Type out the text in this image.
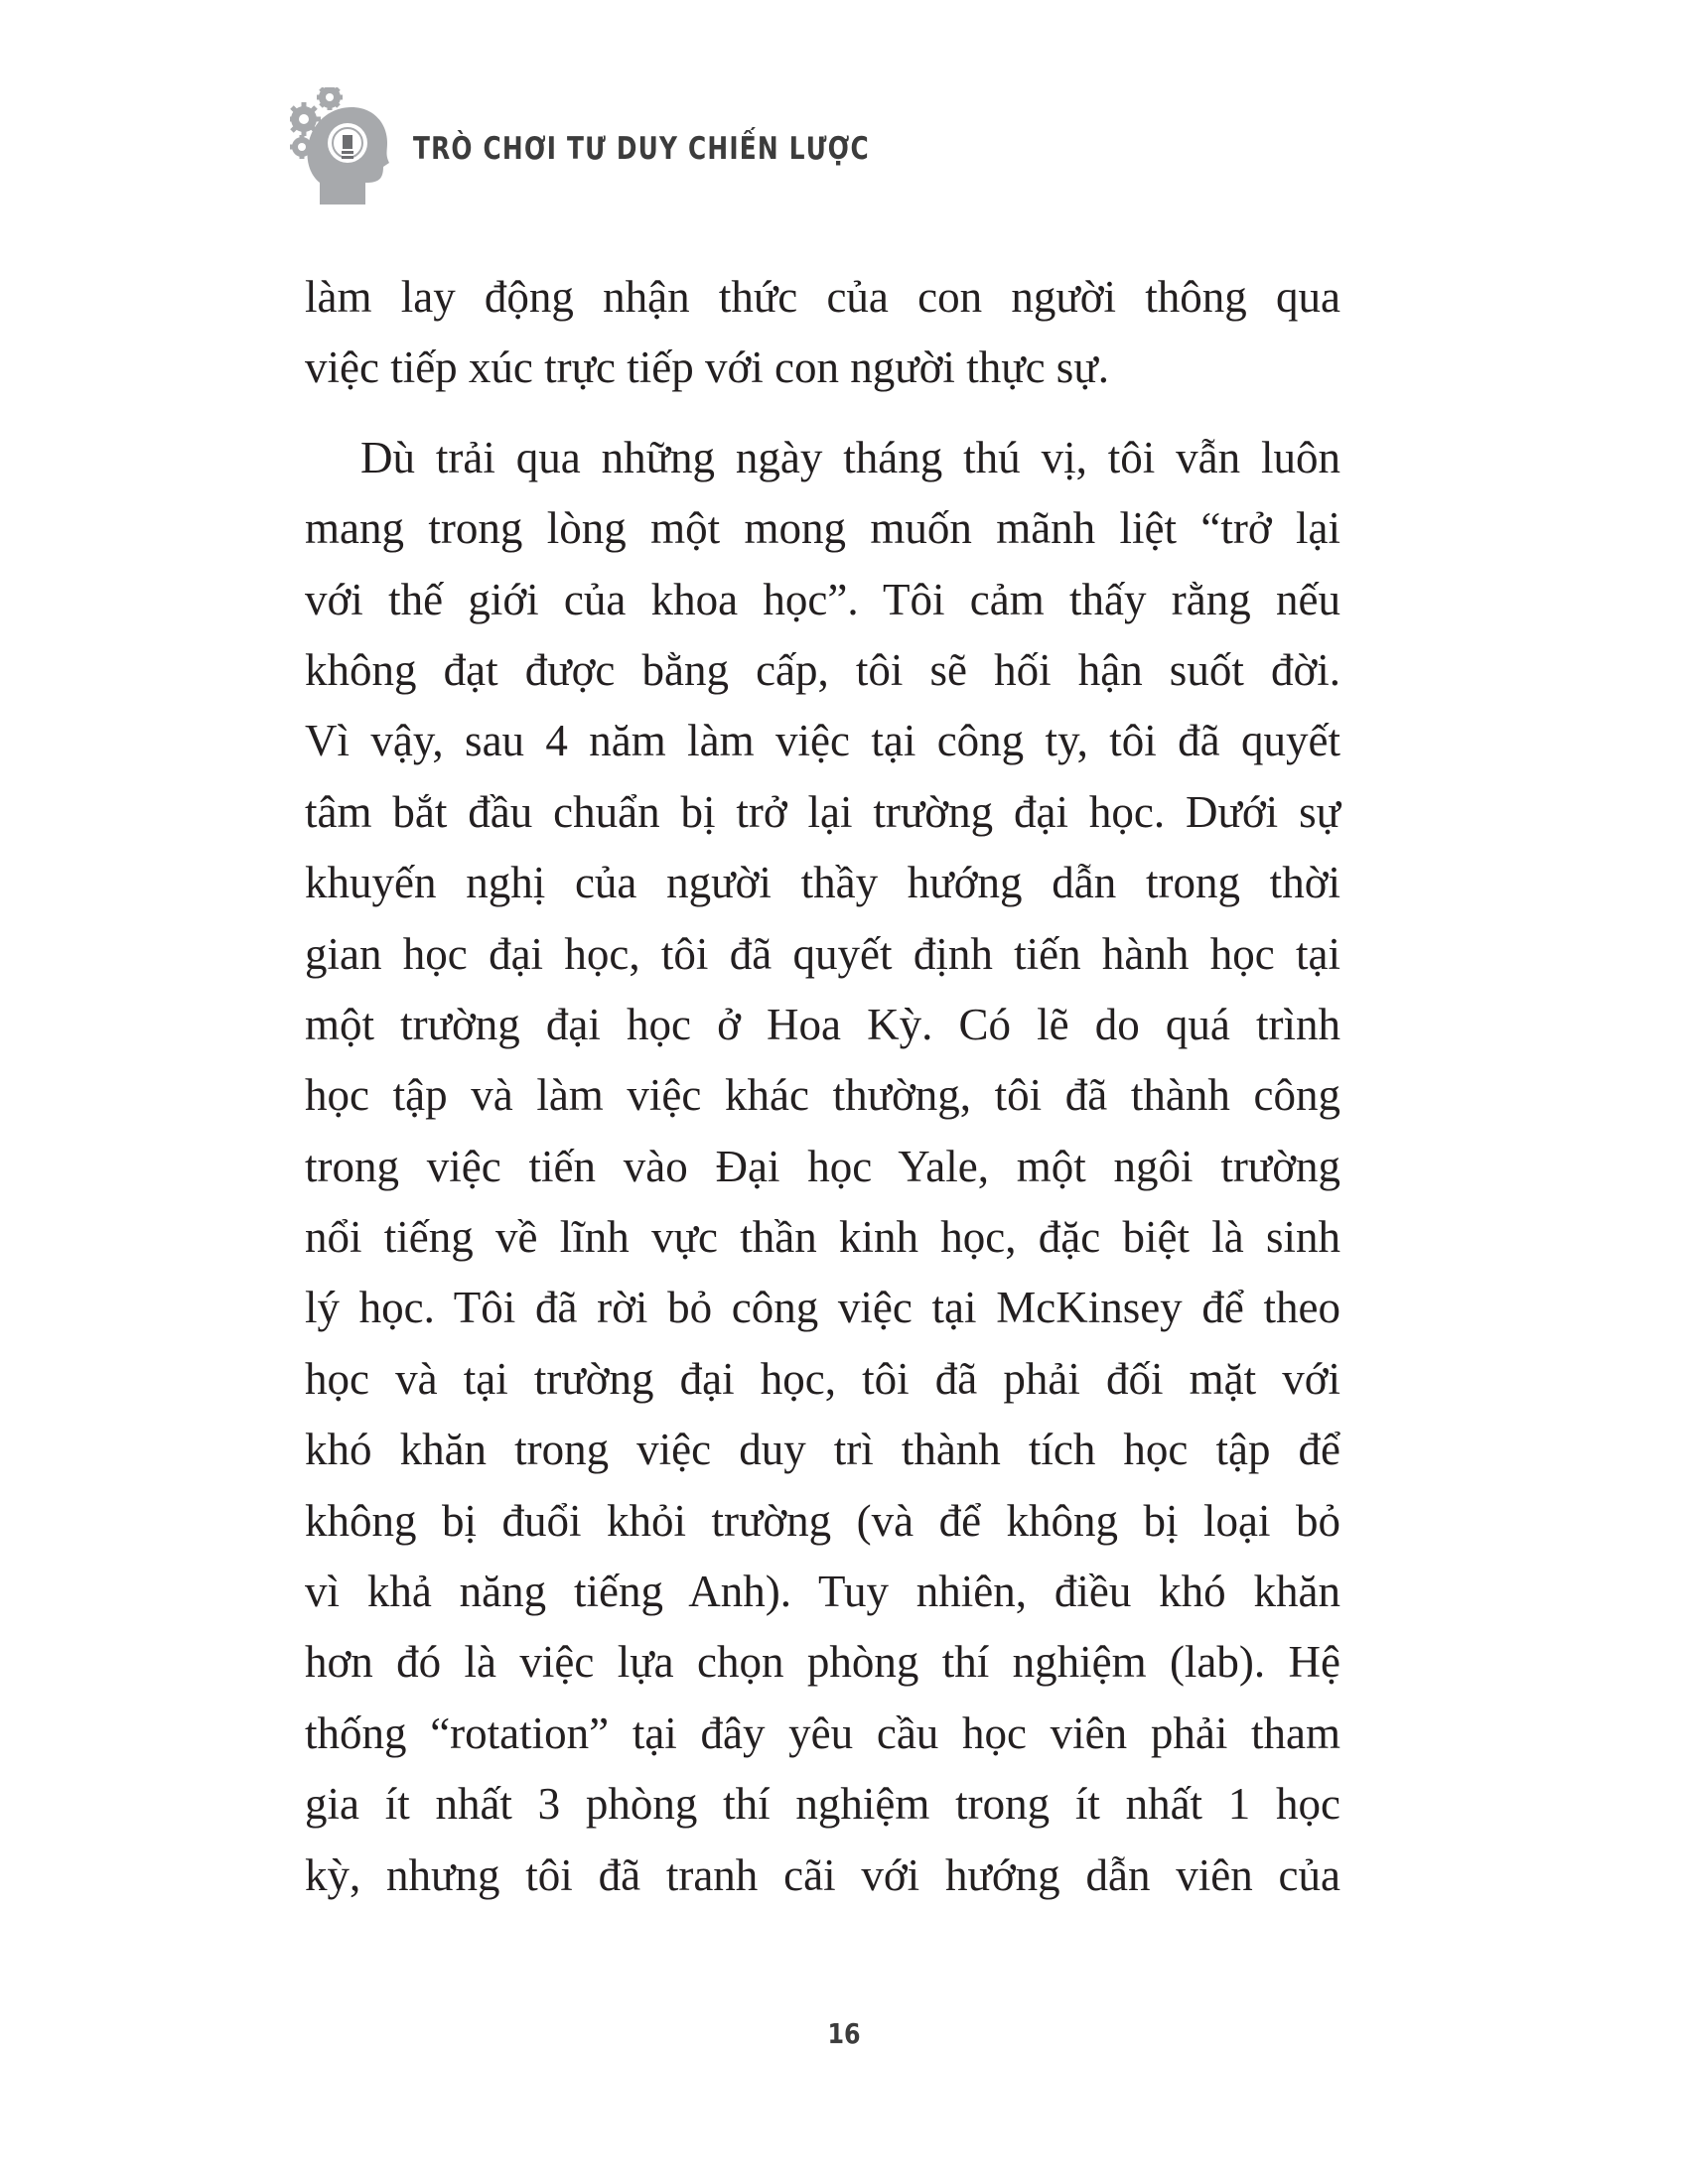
TRÒ CHƠI TƯ DUY CHIẾN LƯỢC
làm lay động nhận thức của con người thông qua
việc tiếp xúc trực tiếp với con người thực sự.
Dù trải qua những ngày tháng thú vị, tôi vẫn luôn
mang trong lòng một mong muốn mãnh liệt “trở lại
với thế giới của khoa học”. Tôi cảm thấy rằng nếu
không đạt được bằng cấp, tôi sẽ hối hận suốt đời.
Vì vậy, sau 4 năm làm việc tại công ty, tôi đã quyết
tâm bắt đầu chuẩn bị trở lại trường đại học. Dưới sự
khuyến nghị của người thầy hướng dẫn trong thời
gian học đại học, tôi đã quyết định tiến hành học tại
một trường đại học ở Hoa Kỳ. Có lẽ do quá trình
học tập và làm việc khác thường, tôi đã thành công
trong việc tiến vào Đại học Yale, một ngôi trường
nổi tiếng về lĩnh vực thần kinh học, đặc biệt là sinh
lý học. Tôi đã rời bỏ công việc tại McKinsey để theo
học và tại trường đại học, tôi đã phải đối mặt với
khó khăn trong việc duy trì thành tích học tập để
không bị đuổi khỏi trường (và để không bị loại bỏ
vì khả năng tiếng Anh). Tuy nhiên, điều khó khăn
hơn đó là việc lựa chọn phòng thí nghiệm (lab). Hệ
thống “rotation” tại đây yêu cầu học viên phải tham
gia ít nhất 3 phòng thí nghiệm trong ít nhất 1 học
kỳ, nhưng tôi đã tranh cãi với hướng dẫn viên của
16
